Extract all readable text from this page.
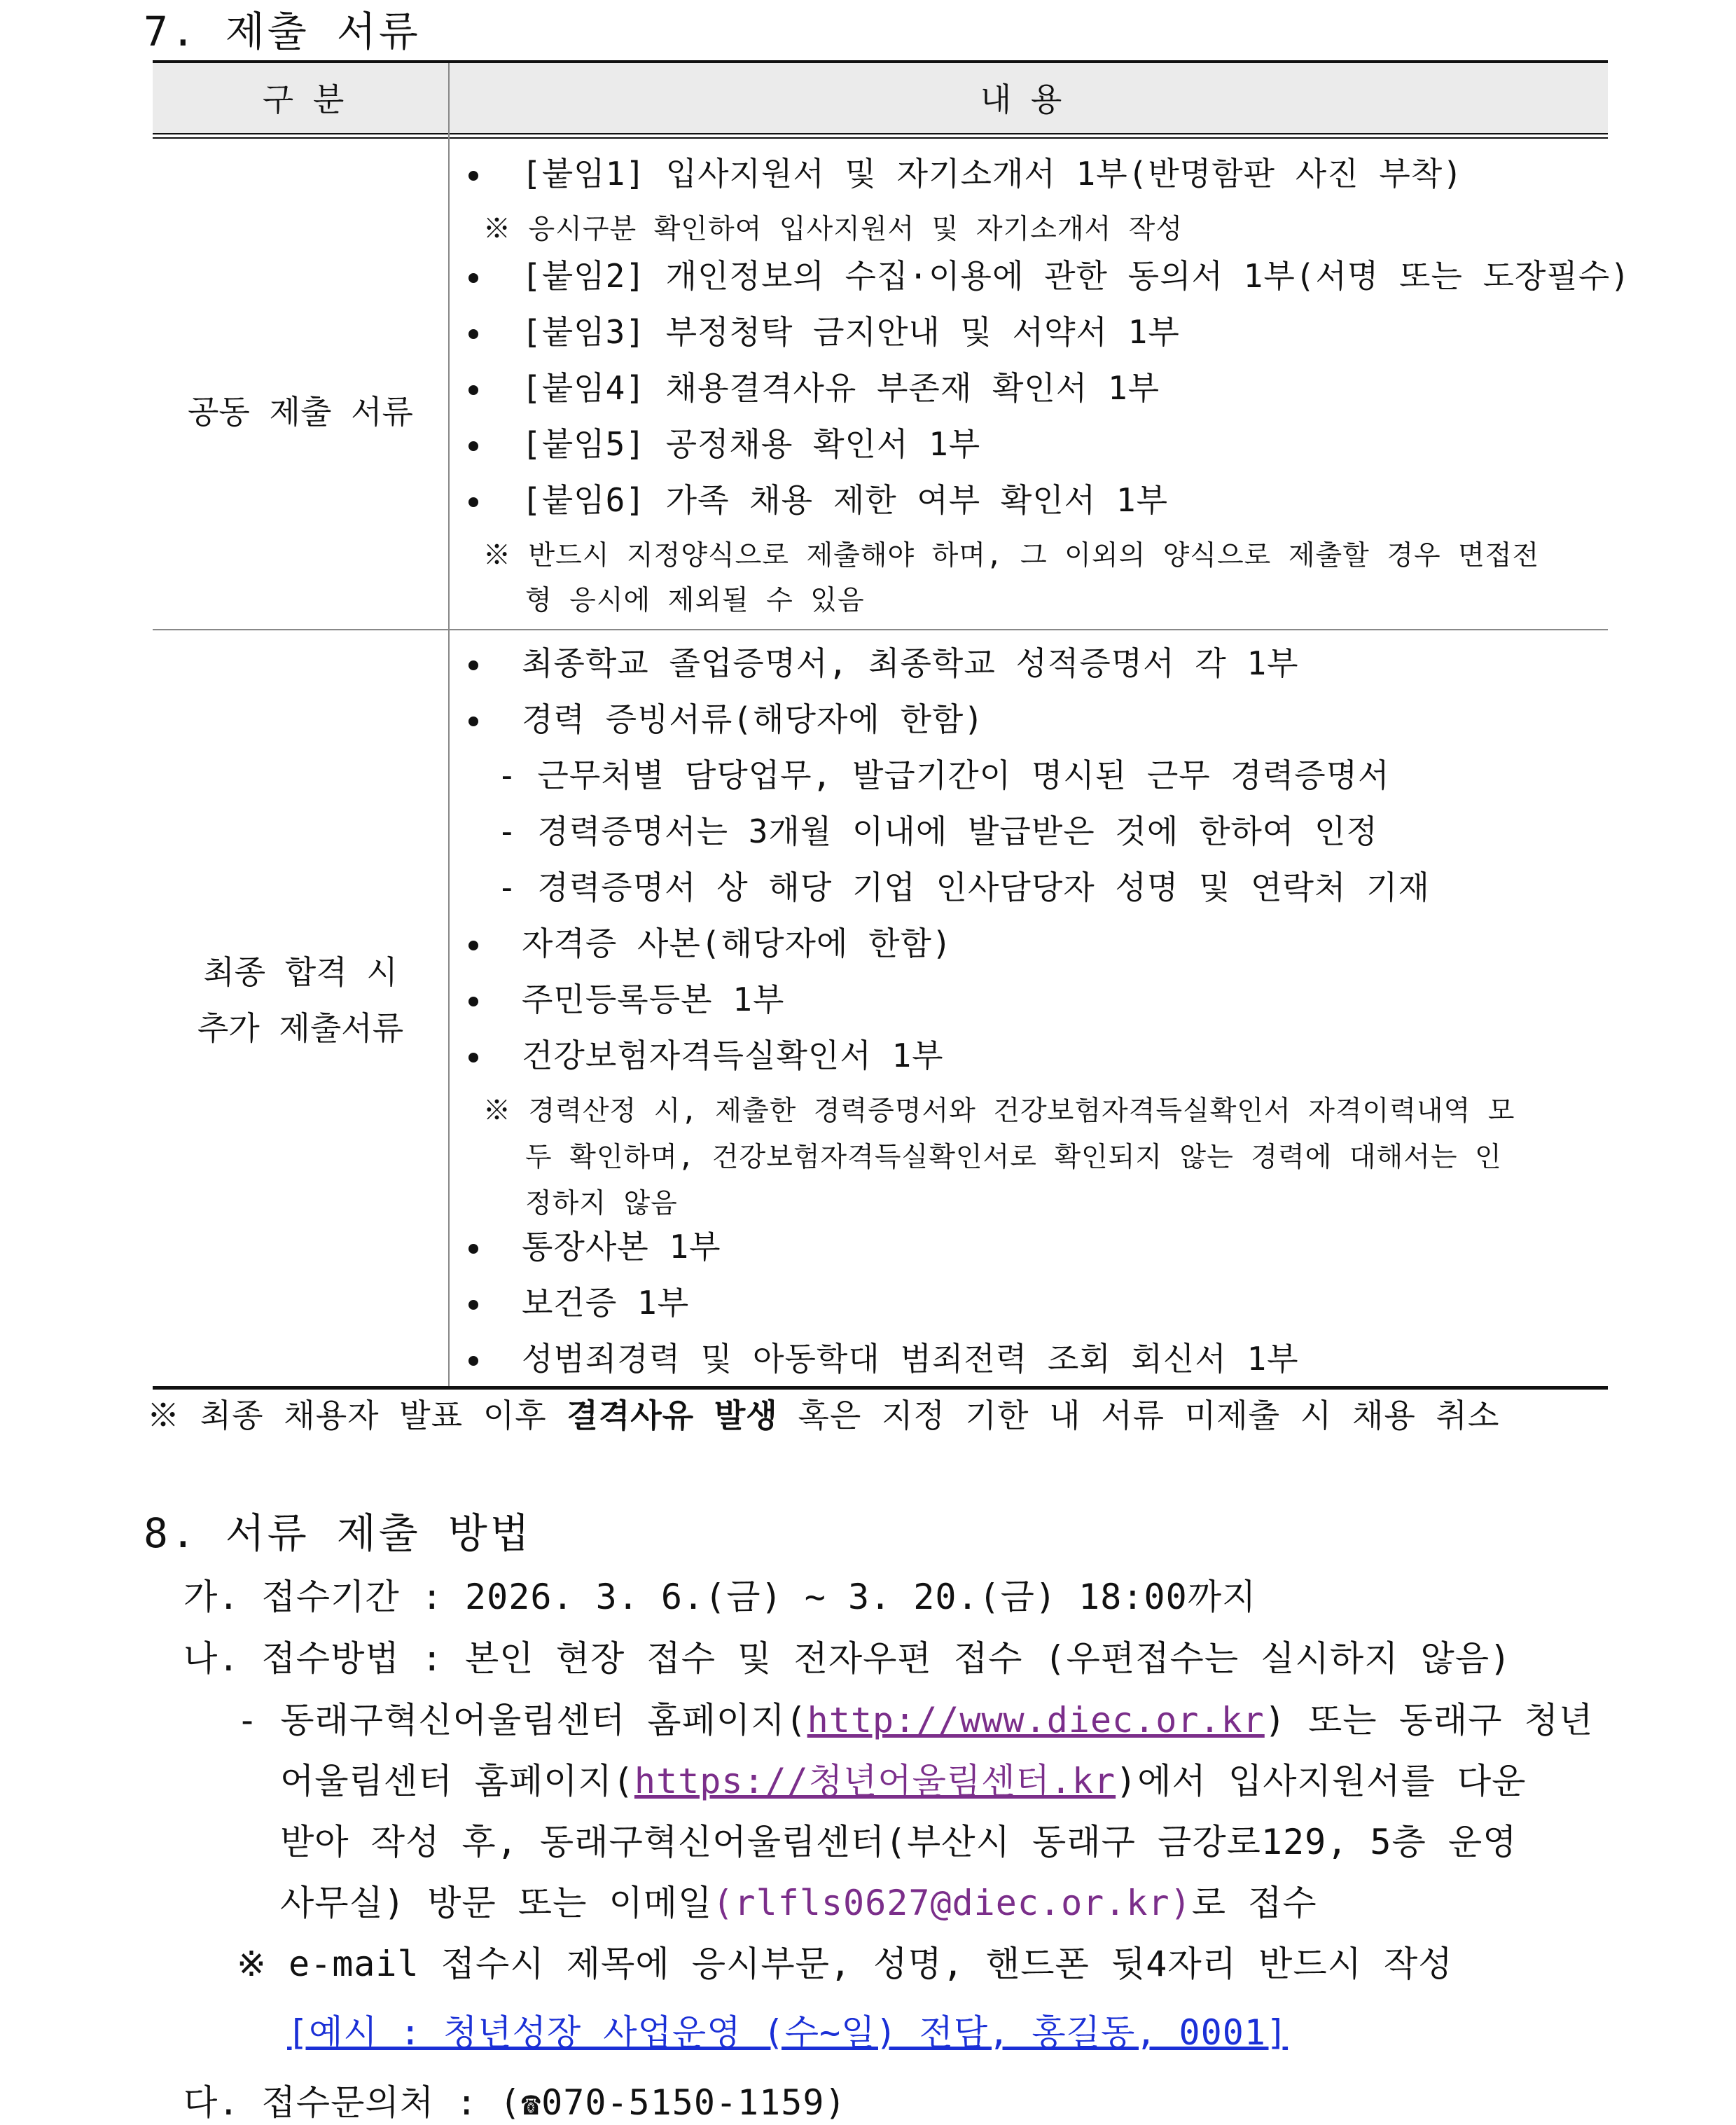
7. 제출 서류
구 분	내 용
공동 제출 서류
최종 합격 시
추가 제출서류
[붙임1] 입사지원서 및 자기소개서 1부(반명함판 사진 부착)
※ 응시구분 확인하여 입사지원서 및 자기소개서 작성
[붙임2] 개인정보의 수집·이용에 관한 동의서 1부(서명 또는 도장필수)
[붙임3] 부정청탁 금지안내 및 서약서 1부
[붙임4] 채용결격사유 부존재 확인서 1부
[붙임5] 공정채용 확인서 1부
[붙임6] 가족 채용 제한 여부 확인서 1부
※ 반드시 지정양식으로 제출해야 하며, 그 이외의 양식으로 제출할 경우 면접전
형 응시에 제외될 수 있음
최종학교 졸업증명서, 최종학교 성적증명서 각 1부
경력 증빙서류(해당자에 한함)
- 근무처별 담당업무, 발급기간이 명시된 근무 경력증명서
- 경력증명서는 3개월 이내에 발급받은 것에 한하여 인정
- 경력증명서 상 해당 기업 인사담당자 성명 및 연락처 기재
자격증 사본(해당자에 한함)
주민등록등본 1부
건강보험자격득실확인서 1부
※ 경력산정 시, 제출한 경력증명서와 건강보험자격득실확인서 자격이력내역 모
두 확인하며, 건강보험자격득실확인서로 확인되지 않는 경력에 대해서는 인
정하지 않음
통장사본 1부
보건증 1부
성범죄경력 및 아동학대 범죄전력 조회 회신서 1부
※ 최종 채용자 발표 이후 결격사유 발생 혹은 지정 기한 내 서류 미제출 시 채용 취소
8. 서류 제출 방법
가. 접수기간 : 2026. 3. 6.(금) ~ 3. 20.(금) 18:00까지
나. 접수방법 : 본인 현장 접수 및 전자우편 접수 (우편접수는 실시하지 않음)
- 동래구혁신어울림센터 홈페이지(http://www.diec.or.kr) 또는 동래구 청년
어울림센터 홈페이지(https://청년어울림센터.kr)에서 입사지원서를 다운
받아 작성 후, 동래구혁신어울림센터(부산시 동래구 금강로129, 5층 운영
사무실) 방문 또는 이메일(rlfls0627@diec.or.kr)로 접수
※ e-mail 접수시 제목에 응시부문, 성명, 핸드폰 뒷4자리 반드시 작성
[예시 : 청년성장 사업운영 (수~일) 전담, 홍길동, 0001]
다. 접수문의처 : (☎070-5150-1159)
